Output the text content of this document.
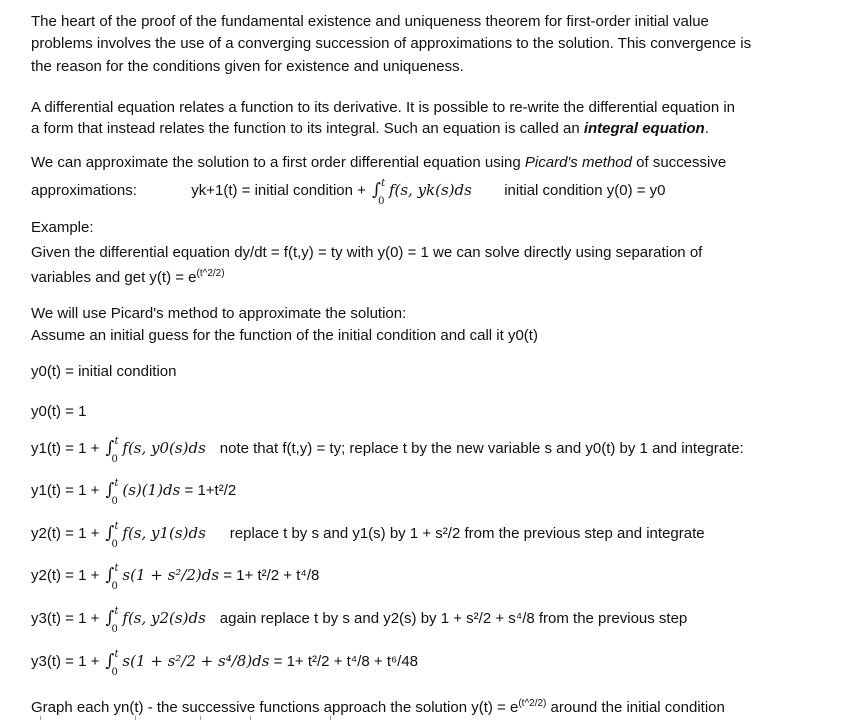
The heart of the proof of the fundamental existence and uniqueness theorem for first-order initial value
problems involves the use of a converging succession of approximations to the solution. This convergence is
the reason for the conditions given for existence and uniqueness.
A differential equation relates a function to its derivative. It is possible to re-write the differential equation in
a form that instead relates the function to its integral. Such an equation is called an integral equation.
We can approximate the solution to a first order differential equation using Picard's method of successive
approximations:	yk+1(t) = initial condition + ∫ t
0
f(s, yk(s)ds initial condition y(0) = y0
Example:
Given the differential equation dy/dt = f(t,y) = ty with y(0) = 1 we can solve directly using separation of
variables and get $y(t) = e^{(t\^{}2/2)}$
We will use Picard's method to approximate the solution:
Assume an initial guess for the function of the initial condition and call it y0(t)
y0(t) = initial condition
y0(t) = 1
y1(t) = 1 + ∫ t
0
f(s, y0(s)ds note that f(t,y) = ty; replace t by the new variable s and y0(t) by 1 and integrate:
y1(t) = 1 + ∫ t
0
(s)(1)ds = 1+t²/2
y2(t) = 1 + ∫ t
0
f(s, y1(s)ds replace t by s and y1(s) by 1 + s²/2 from the previous step and integrate
y2(t) = 1 + ∫ t
0
s(1 + s²/2)ds = 1+ t²/2 + t⁴/8
y3(t) = 1 + ∫ t
0
f(s, y2(s)ds again replace t by s and y2(s) by 1 + s²/2 + s⁴/8 from the previous step
y3(t) = 1 + ∫ t
0
s(1 + s²/2 + s⁴/8)ds = 1+ t²/2 + t⁴/8 + t⁶/48
Graph each yn(t) - the successive functions approach the solution $y(t) = e^{(t\^{}2/2)}$ around the initial condition
